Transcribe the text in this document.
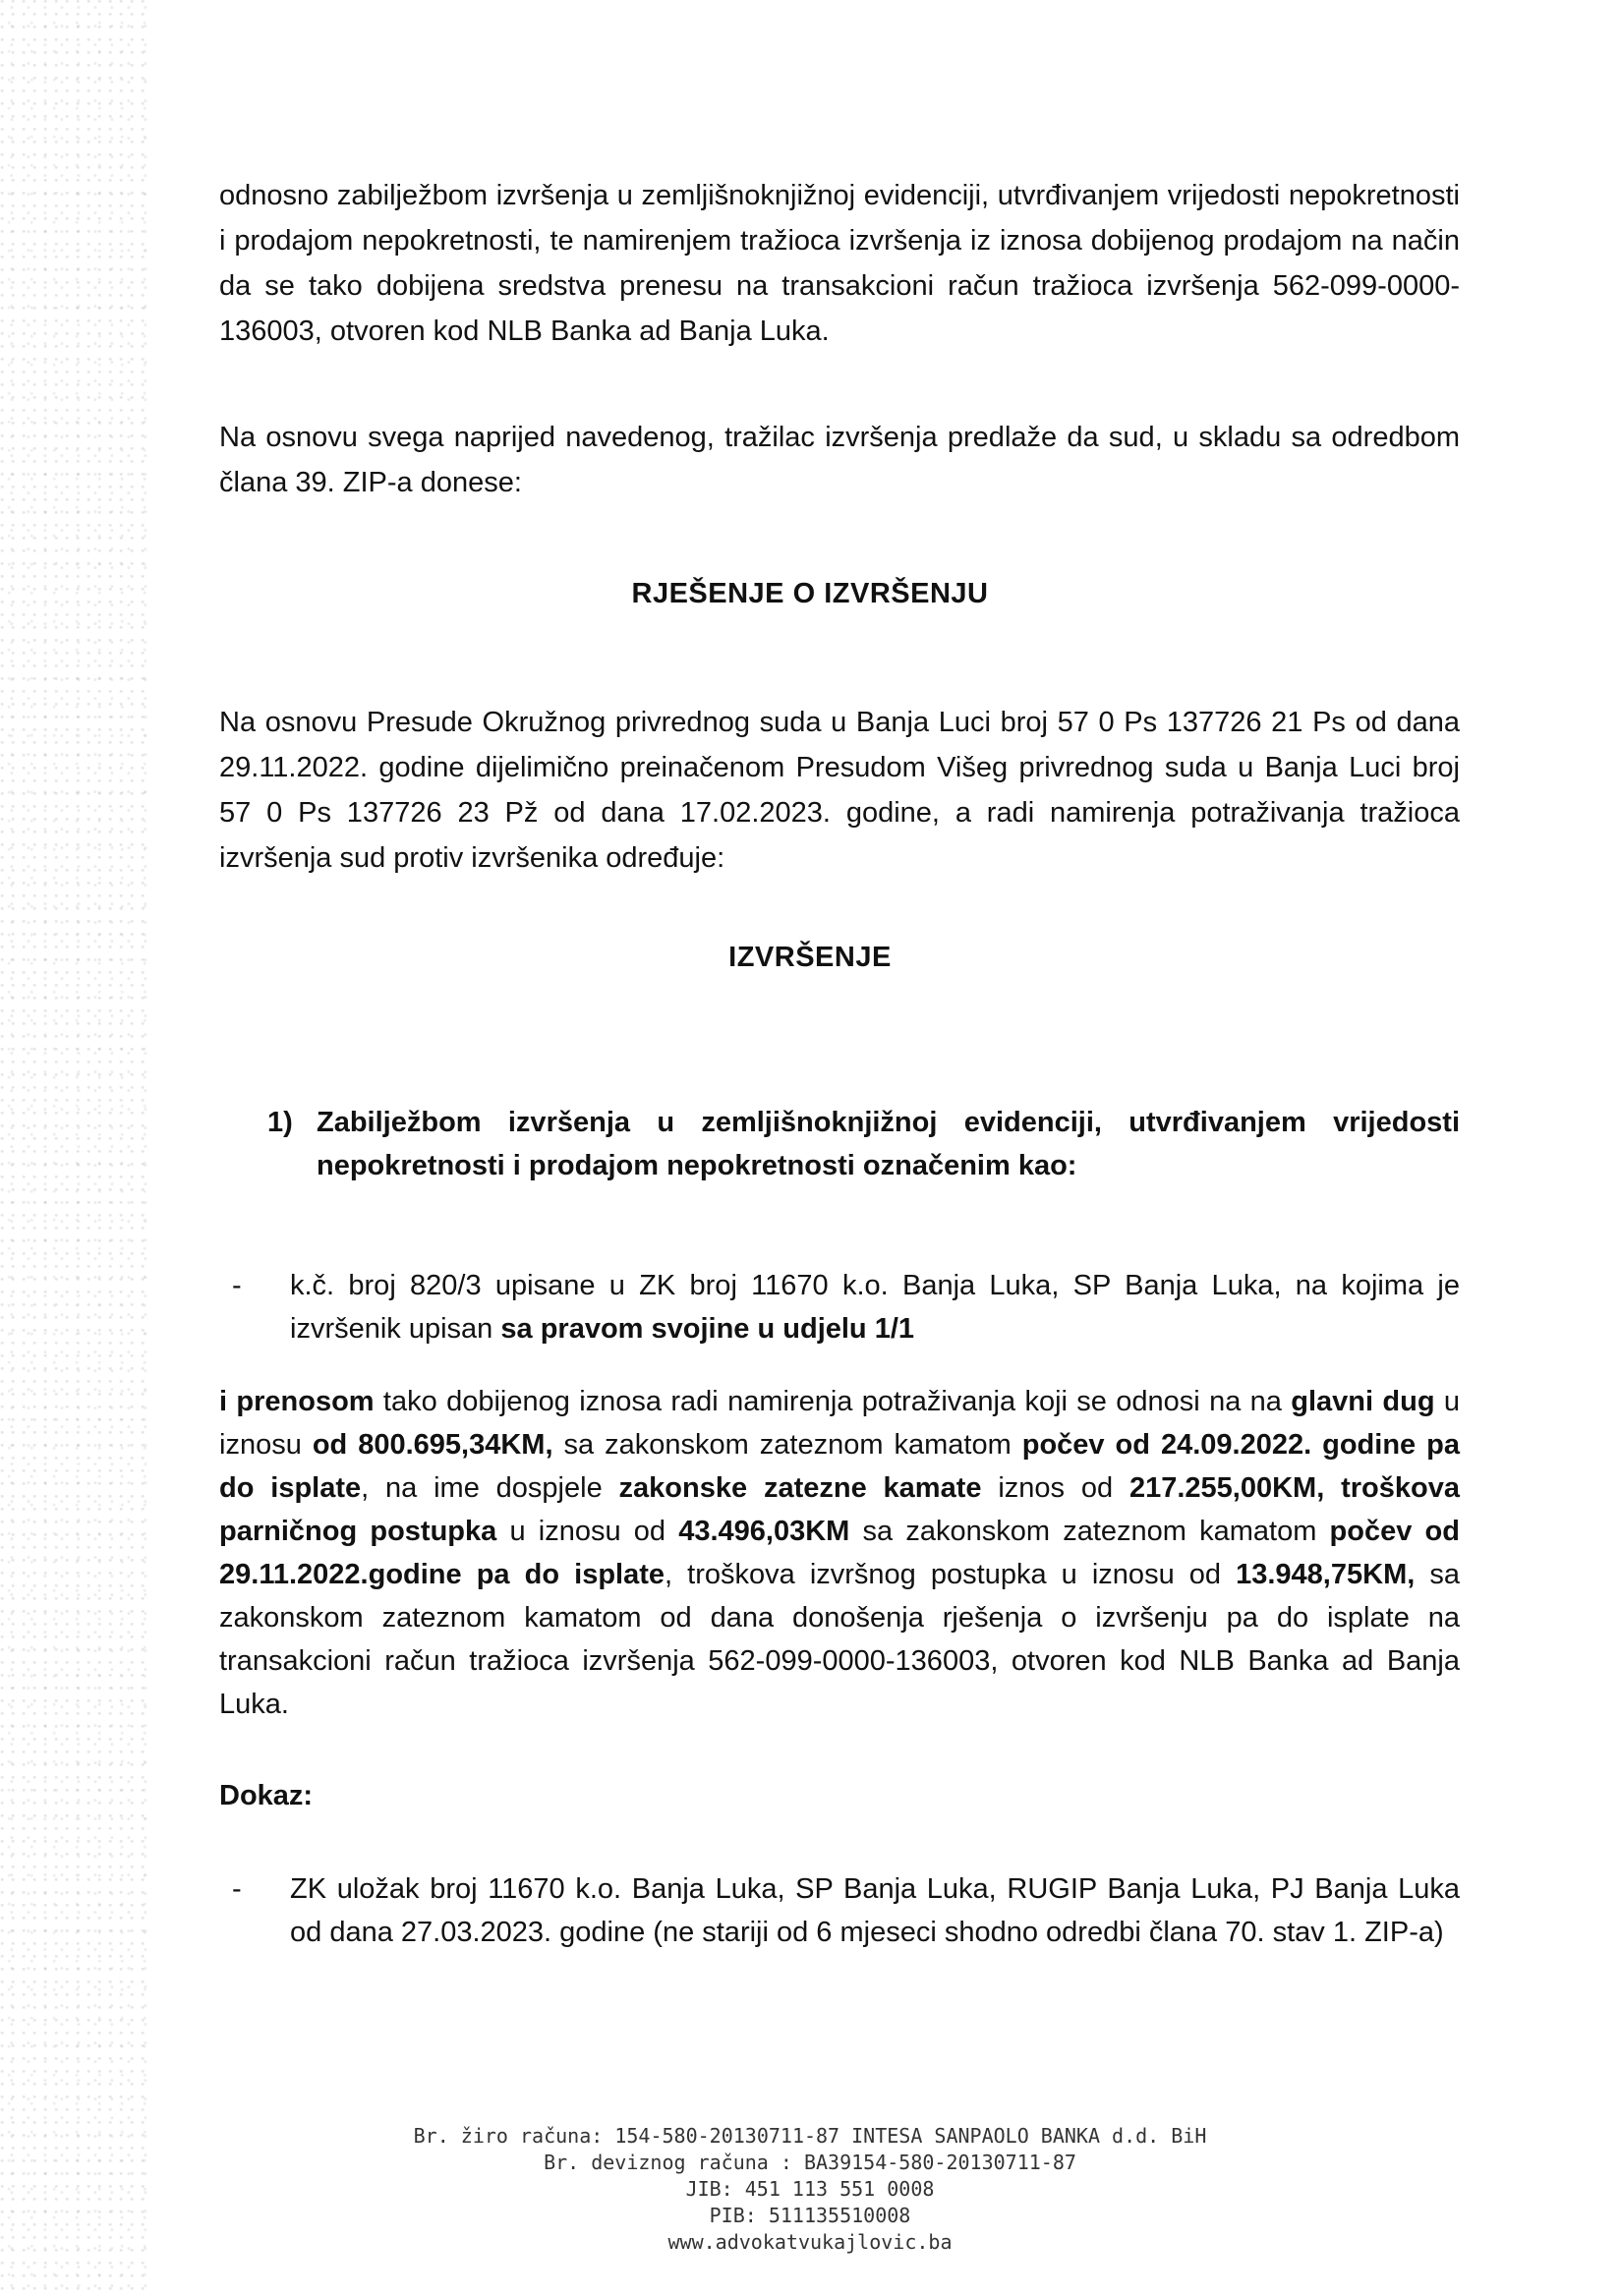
odnosno zabilježbom izvršenja u zemljišnoknjižnoj evidenciji, utvrđivanjem vrijedosti nepokretnosti i prodajom nepokretnosti, te namirenjem tražioca izvršenja iz iznosa dobijenog prodajom na način da se tako dobijena sredstva prenesu na transakcioni račun tražioca izvršenja 562-099-0000-136003, otvoren kod NLB Banka ad Banja Luka.

Na osnovu svega naprijed navedenog, tražilac izvršenja predlaže da sud, u skladu sa odredbom člana 39. ZIP-a donese:

RJEŠENJE O IZVRŠENJU

Na osnovu Presude Okružnog privrednog suda u Banja Luci broj 57 0 Ps 137726 21 Ps od dana 29.11.2022. godine dijelimično preinačenom Presudom Višeg privrednog suda u Banja Luci broj 57 0 Ps 137726 23 Pž od dana 17.02.2023. godine, a radi namirenja potraživanja tražioca izvršenja sud protiv izvršenika određuje:

IZVRŠENJE
1) Zabilježbom izvršenja u zemljišnoknjižnoj evidenciji, utvrđivanjem vrijedosti nepokretnosti i prodajom nepokretnosti označenim kao:
- k.č. broj 820/3 upisane u ZK broj 11670 k.o. Banja Luka, SP Banja Luka, na kojima je izvršenik upisan sa pravom svojine u udjelu 1/1

i prenosom tako dobijenog iznosa radi namirenja potraživanja koji se odnosi na na glavni dug u iznosu od 800.695,34KM, sa zakonskom zateznom kamatom počev od 24.09.2022. godine pa do isplate, na ime dospjele zakonske zatezne kamate iznos od 217.255,00KM, troškova parničnog postupka u iznosu od 43.496,03KM sa zakonskom zateznom kamatom počev od 29.11.2022.godine pa do isplate, troškova izvršnog postupka u iznosu od 13.948,75KM, sa zakonskom zateznom kamatom od dana donošenja rješenja o izvršenju pa do isplate na transakcioni račun tražioca izvršenja 562-099-0000-136003, otvoren kod NLB Banka ad Banja Luka.

Dokaz:
- ZK uložak broj 11670 k.o. Banja Luka, SP Banja Luka, RUGIP Banja Luka, PJ Banja Luka od dana 27.03.2023. godine (ne stariji od 6 mjeseci shodno odredbi člana 70. stav 1. ZIP-a)
Br. žiro računa: 154-580-20130711-87 INTESA SANPAOLO BANKA d.d. BiH
Br. deviznog računa : BA39154-580-20130711-87
JIB: 451 113 551 0008
PIB: 511135510008
www.advokatvukajlovic.ba
